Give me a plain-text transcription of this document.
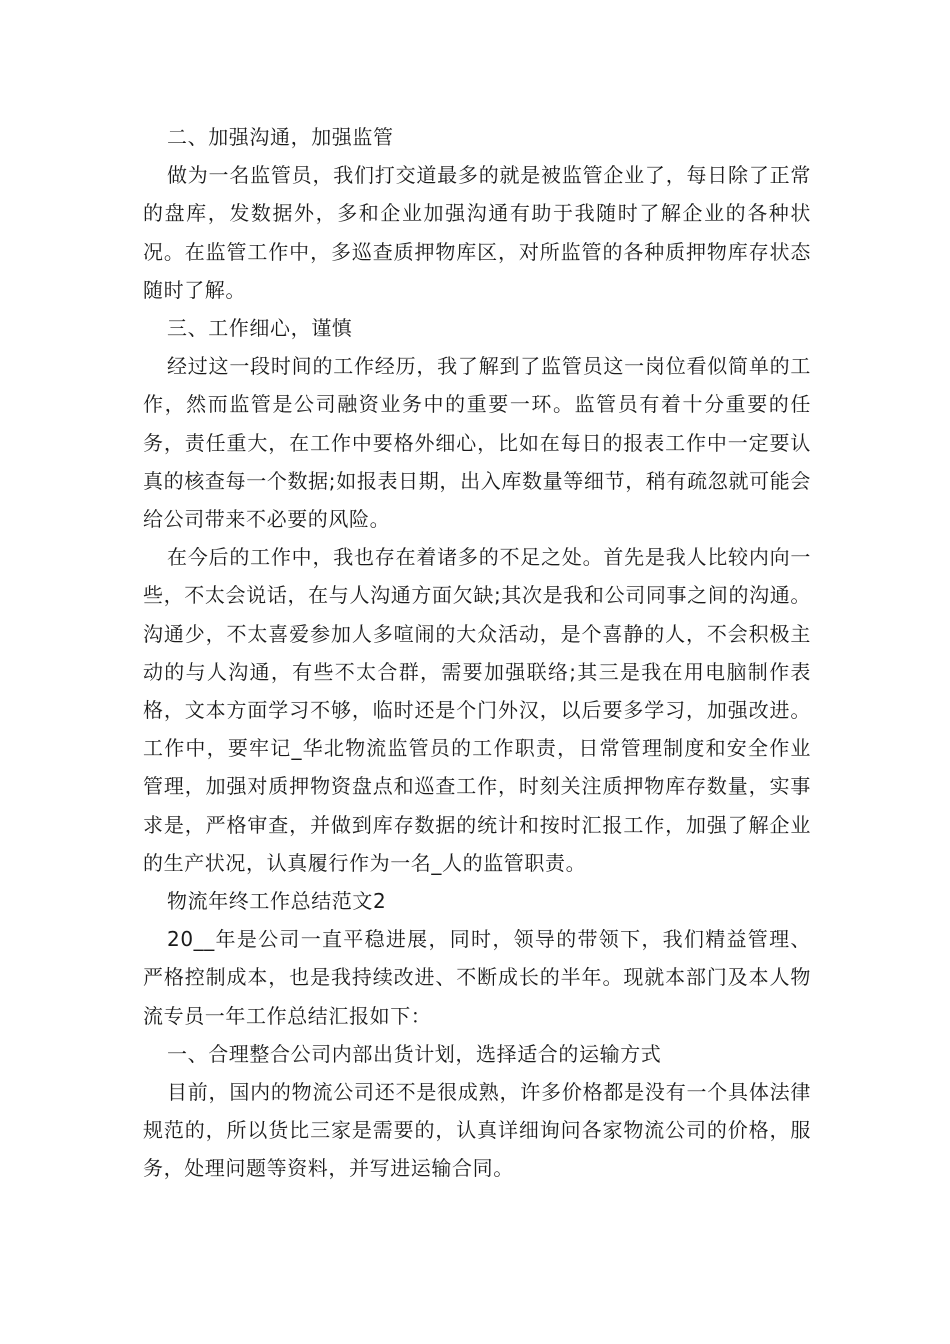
二、加强沟通，加强监管

做为一名监管员，我们打交道最多的就是被监管企业了，每日除了正常的盘库，发数据外，多和企业加强沟通有助于我随时了解企业的各种状况。在监管工作中，多巡查质押物库区，对所监管的各种质押物库存状态随时了解。

三、工作细心，谨慎

经过这一段时间的工作经历，我了解到了监管员这一岗位看似简单的工作，然而监管是公司融资业务中的重要一环。监管员有着十分重要的任务，责任重大，在工作中要格外细心，比如在每日的报表工作中一定要认真的核查每一个数据;如报表日期，出入库数量等细节，稍有疏忽就可能会给公司带来不必要的风险。

在今后的工作中，我也存在着诸多的不足之处。首先是我人比较内向一些，不太会说话，在与人沟通方面欠缺;其次是我和公司同事之间的沟通。沟通少，不太喜爱参加人多喧闹的大众活动，是个喜静的人，不会积极主动的与人沟通，有些不太合群，需要加强联络;其三是我在用电脑制作表格，文本方面学习不够，临时还是个门外汉，以后要多学习，加强改进。工作中，要牢记_华北物流监管员的工作职责，日常管理制度和安全作业管理，加强对质押物资盘点和巡查工作，时刻关注质押物库存数量，实事求是，严格审查，并做到库存数据的统计和按时汇报工作，加强了解企业的生产状况，认真履行作为一名_人的监管职责。

物流年终工作总结范文2

20__年是公司一直平稳进展，同时，领导的带领下，我们精益管理、严格控制成本，也是我持续改进、不断成长的半年。现就本部门及本人物流专员一年工作总结汇报如下：

一、合理整合公司内部出货计划，选择适合的运输方式

目前，国内的物流公司还不是很成熟，许多价格都是没有一个具体法律规范的，所以货比三家是需要的，认真详细询问各家物流公司的价格，服务，处理问题等资料，并写进运输合同。
